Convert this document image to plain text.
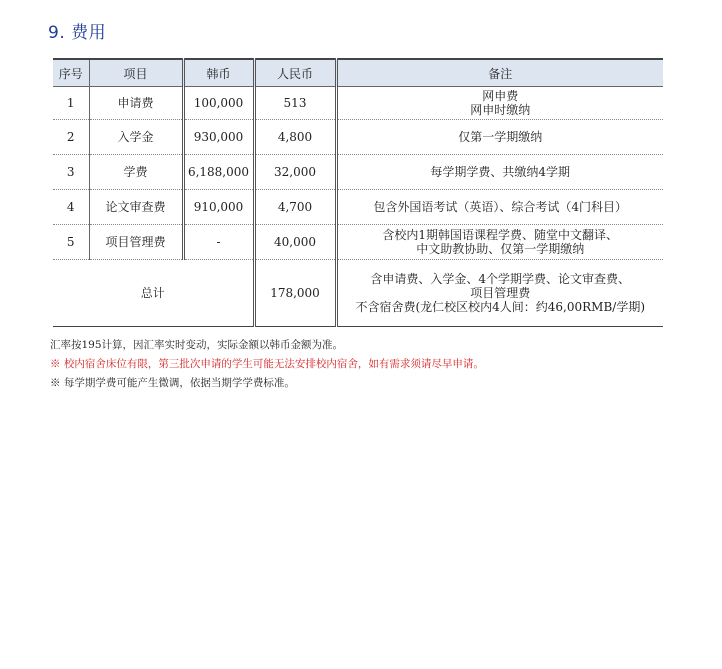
9. 费用
序号	项目	韩币	人民币	备注
1	申请费	100,000	513	网申费
网申时缴纳

2	入学金	930,000	4,800	仅第一学期缴纳

3	学费	6,188,000	32,000	每学期学费、共缴纳4学期

4	论文审查费	910,000	4,700	包含外国语考试（英语）、综合考试（4门科目）

5	项目管理费	-	40,000	含校内1期韩国语课程学费、随堂中文翻译、
中文助教协助、仅第一学期缴纳

总计			178,000	含申请费、入学金、4个学期学费、论文审查费、
项目管理费
不含宿舍费(龙仁校区校内4人间：约46,00RMB/学期)
汇率按195计算，因汇率实时变动，实际金额以韩币金额为准。
※ 校内宿舍床位有限，第三批次申请的学生可能无法安排校内宿舍，如有需求须请尽早申请。
※ 每学期学费可能产生微调，依据当期学学费标准。
